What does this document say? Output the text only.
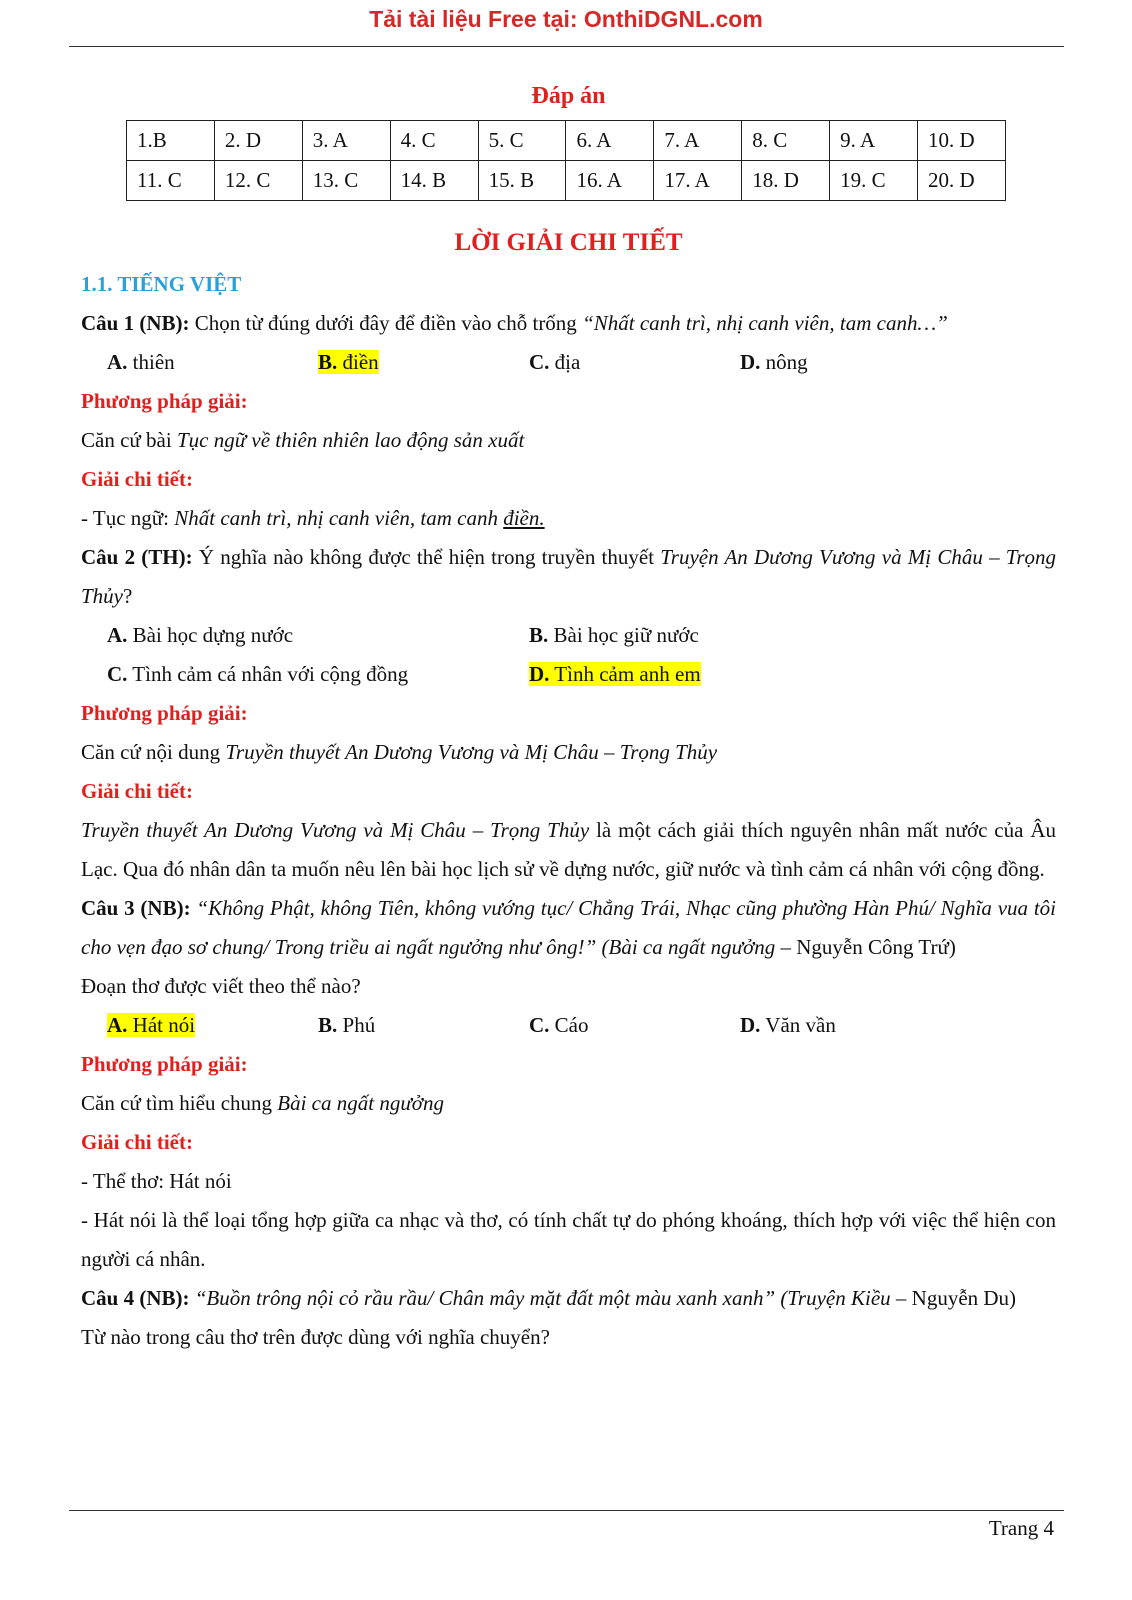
Tải tài liệu Free tại: OnthiDGNL.com
Đáp án
1.B	2. D	3. A	4. C	5. C	6. A	7. A	8. C	9. A	10. D
11. C	12. C	13. C	14. B	15. B	16. A	17. A	18. D	19. C	20. D
LỜI GIẢI CHI TIẾT
1.1. TIẾNG VIỆT
Câu 1 (NB): Chọn từ đúng dưới đây để điền vào chỗ trống “Nhất canh trì, nhị canh viên, tam canh…”
A. thiên	B. điền	C. địa	D. nông
Phương pháp giải:
Căn cứ bài Tục ngữ về thiên nhiên lao động sản xuất
Giải chi tiết:
- Tục ngữ: Nhất canh trì, nhị canh viên, tam canh điền.
Câu 2 (TH): Ý nghĩa nào không được thể hiện trong truyền thuyết Truyện An Dương Vương và Mị Châu – Trọng Thủy?
A. Bài học dựng nước	B. Bài học giữ nước
C. Tình cảm cá nhân với cộng đồng	D. Tình cảm anh em
Phương pháp giải:
Căn cứ nội dung Truyền thuyết An Dương Vương và Mị Châu – Trọng Thủy
Giải chi tiết:
Truyền thuyết An Dương Vương và Mị Châu – Trọng Thủy là một cách giải thích nguyên nhân mất nước của Âu Lạc. Qua đó nhân dân ta muốn nêu lên bài học lịch sử về dựng nước, giữ nước và tình cảm cá nhân với cộng đồng.
Câu 3 (NB): “Không Phật, không Tiên, không vướng tục/ Chẳng Trái, Nhạc cũng phường Hàn Phú/ Nghĩa vua tôi cho vẹn đạo sơ chung/ Trong triều ai ngất ngưởng như ông!” (Bài ca ngất ngưởng – Nguyễn Công Trứ)
Đoạn thơ được viết theo thể nào?
A. Hát nói	B. Phú	C. Cáo	D. Văn vần
Phương pháp giải:
Căn cứ tìm hiểu chung Bài ca ngất ngưởng
Giải chi tiết:
- Thể thơ: Hát nói
- Hát nói là thể loại tổng hợp giữa ca nhạc và thơ, có tính chất tự do phóng khoáng, thích hợp với việc thể hiện con người cá nhân.
Câu 4 (NB): “Buồn trông nội cỏ rầu rầu/ Chân mây mặt đất một màu xanh xanh” (Truyện Kiều – Nguyễn Du)
Từ nào trong câu thơ trên được dùng với nghĩa chuyển?
Trang 4
